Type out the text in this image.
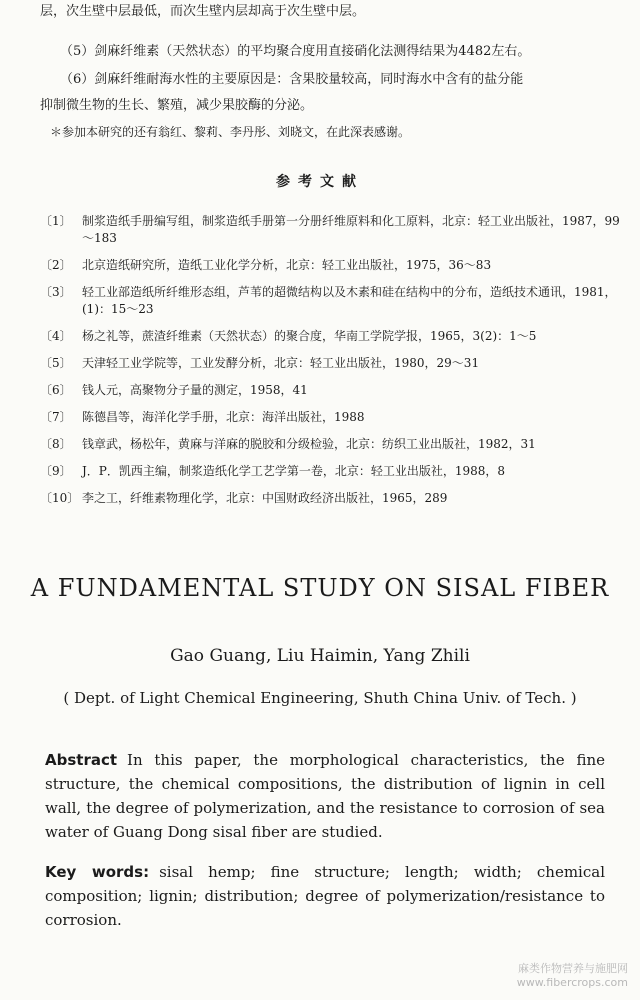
层，次生壁中层最低，而次生壁内层却高于次生壁中层。
（5）剑麻纤维素（天然状态）的平均聚合度用直接硝化法测得结果为4482左右。
（6）剑麻纤维耐海水性的主要原因是：含果胶量较高，同时海水中含有的盐分能
抑制微生物的生长、繁殖，减少果胶酶的分泌。
＊参加本研究的还有翁红、黎莉、李丹彤、刘晓文，在此深表感谢。
参考文献
〔1〕 制浆造纸手册编写组，制浆造纸手册第一分册纤维原料和化工原料，北京：轻工业出版社，1987，99～183
〔2〕 北京造纸研究所，造纸工业化学分析，北京：轻工业出版社，1975，36～83
〔3〕 轻工业部造纸所纤维形态组，芦苇的超微结构以及木素和硅在结构中的分布，造纸技术通讯，1981，(1)：15～23
〔4〕 杨之礼等，蔗渣纤维素（天然状态）的聚合度，华南工学院学报，1965，3(2)：1～5
〔5〕 天津轻工业学院等，工业发酵分析，北京：轻工业出版社，1980，29～31
〔6〕 钱人元，高聚物分子量的测定，1958，41
〔7〕 陈德昌等，海洋化学手册，北京：海洋出版社，1988
〔8〕 钱章武，杨松年，黄麻与洋麻的脱胶和分级检验，北京：纺织工业出版社，1982，31
〔9〕 J．P．凯西主编，制浆造纸化学工艺学第一卷，北京：轻工业出版社，1988，8
〔10〕 李之工，纤维素物理化学，北京：中国财政经济出版社，1965，289
A FUNDAMENTAL STUDY ON SISAL FIBER
Gao Guang, Liu Haimin, Yang Zhili
( Dept. of Light Chemical Engineering, Shuth China Univ. of Tech. )
Abstract In this paper, the morphological characteristics, the fine structure, the chemical compositions, the distribution of lignin in cell wall, the degree of polymerization, and the resistance to corrosion of sea water of Guang Dong sisal fiber are studied.
Key words: sisal hemp; fine structure; length; width; chemical composition; lignin; distribution; degree of polymerization/resistance to corrosion.
麻类作物营养与施肥网
www.fibercrops.com
